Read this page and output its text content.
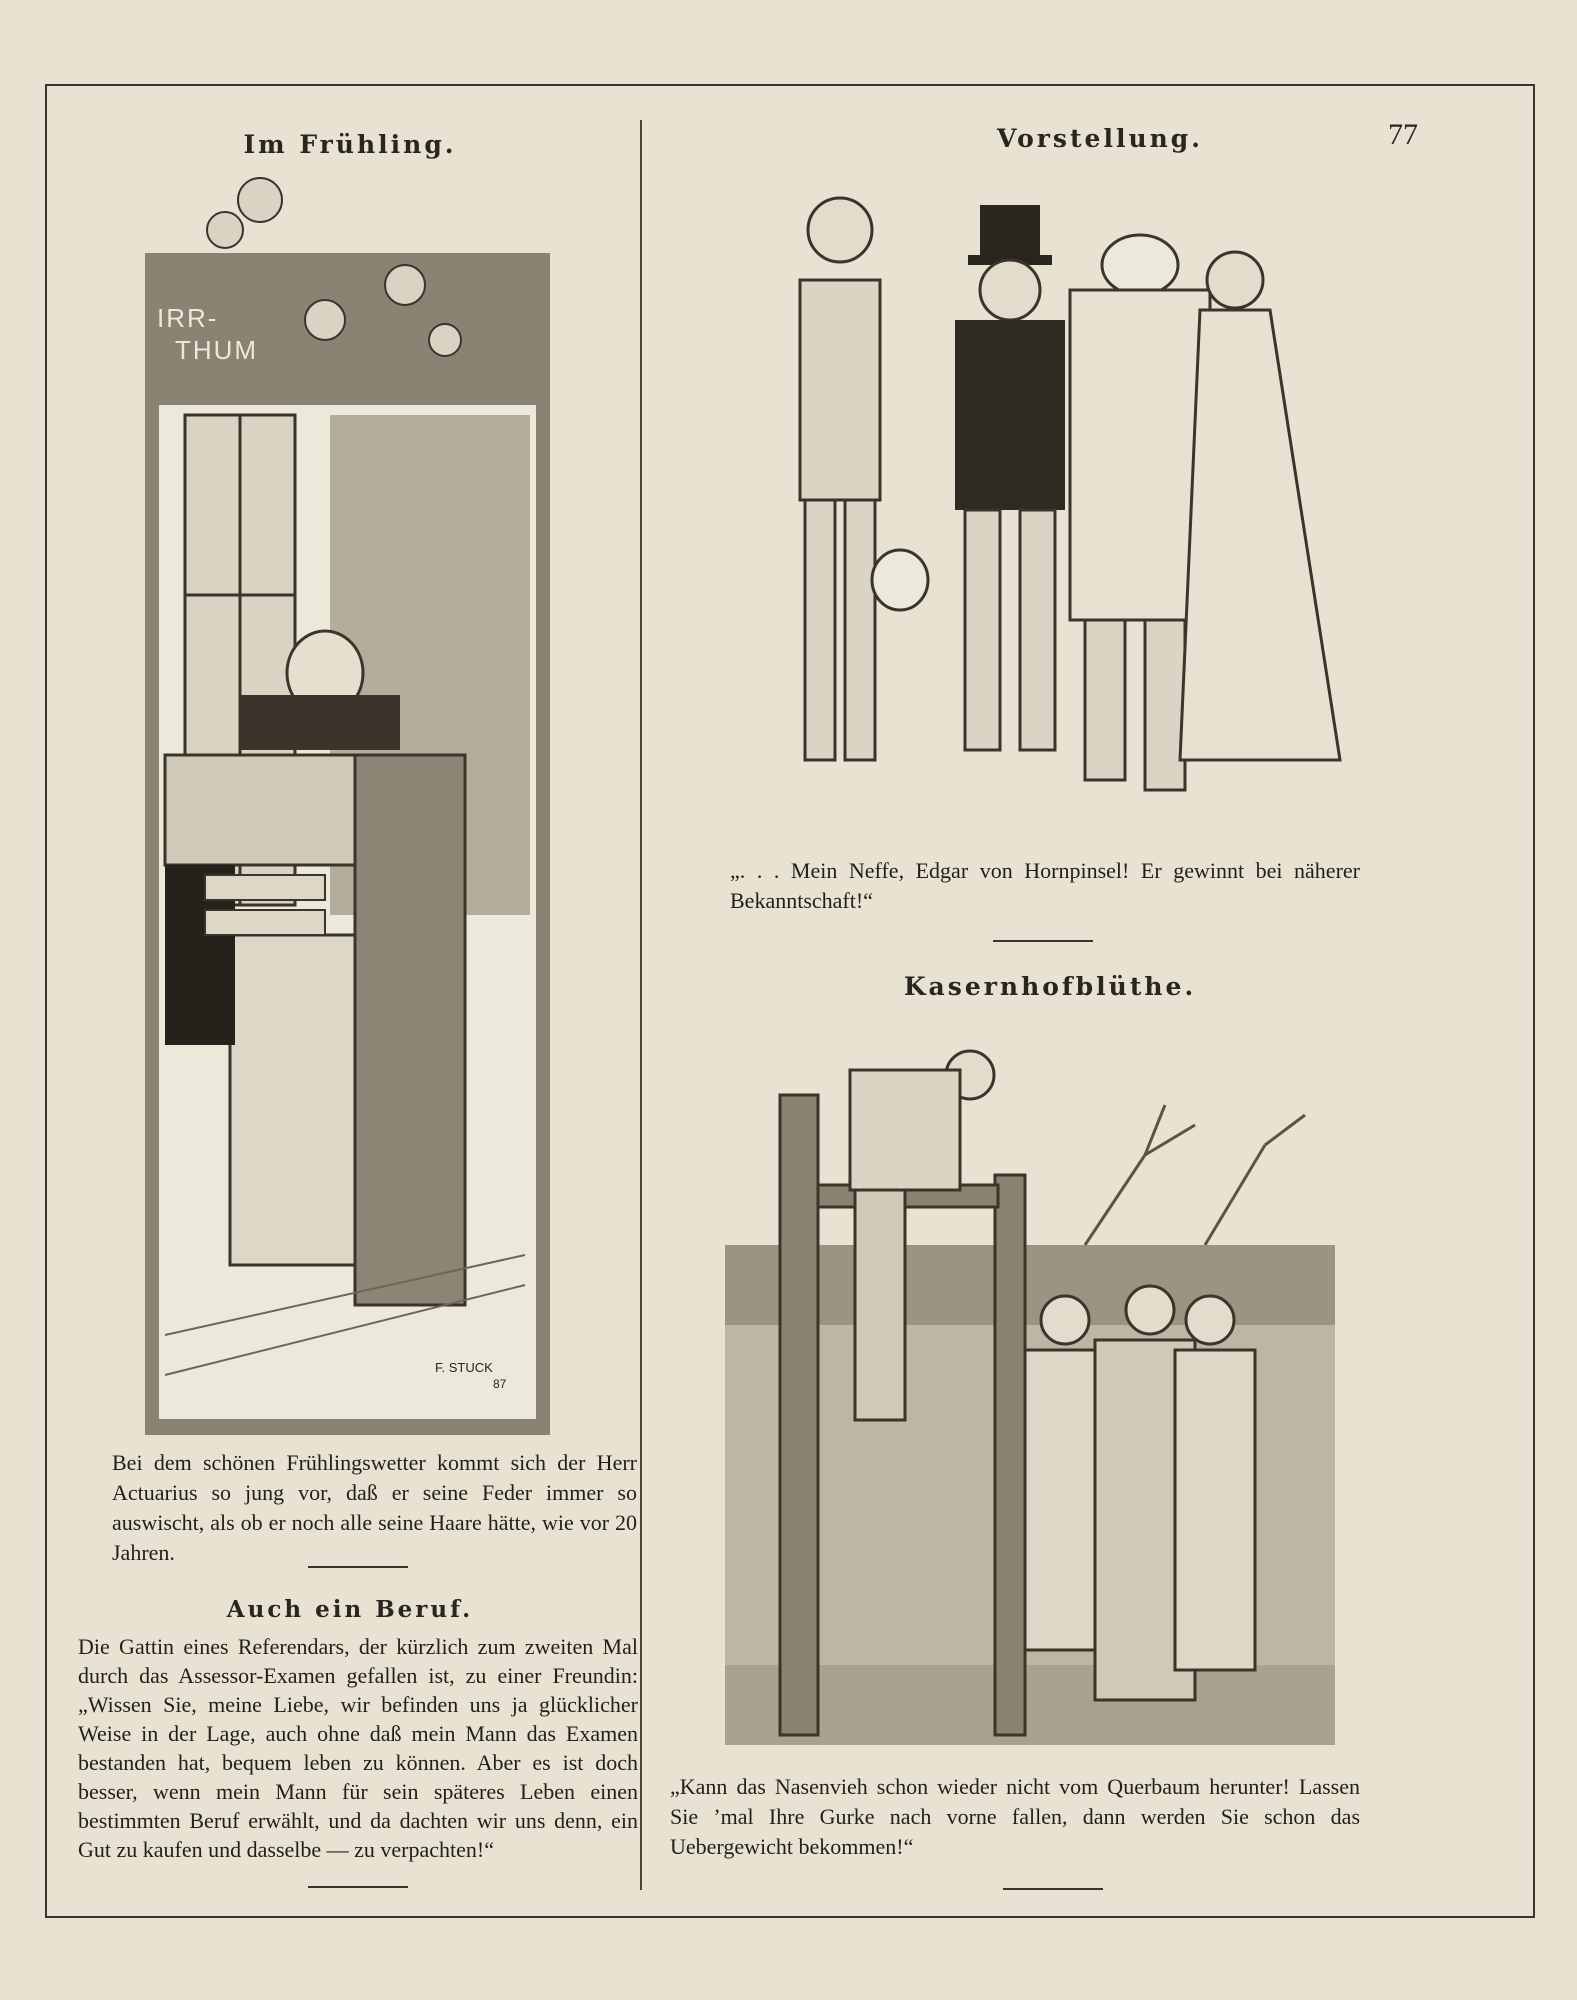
77
Im Frühling.
IRR-
THUM
F. STUCK
87
Bei dem schönen Frühlingswetter kommt sich der Herr Actuarius so jung vor, daß er seine Feder immer so auswischt, als ob er noch alle seine Haare hätte, wie vor 20 Jahren.
Auch ein Beruf.
Die Gattin eines Referendars, der kürzlich zum zweiten Mal durch das Assessor-Examen gefallen ist, zu einer Freundin: „Wissen Sie, meine Liebe, wir befinden uns ja glücklicher Weise in der Lage, auch ohne daß mein Mann das Examen bestanden hat, bequem leben zu können. Aber es ist doch besser, wenn mein Mann für sein späteres Leben einen bestimmten Beruf erwählt, und da dachten wir uns denn, ein Gut zu kaufen und dasselbe — zu verpachten!“
Vorstellung.
„. . . Mein Neffe, Edgar von Hornpinsel! Er gewinnt bei näherer Bekanntschaft!“
Kasernhofblüthe.
„Kann das Nasenvieh schon wieder nicht vom Querbaum herunter! Lassen Sie ’mal Ihre Gurke nach vorne fallen, dann werden Sie schon das Uebergewicht bekommen!“
